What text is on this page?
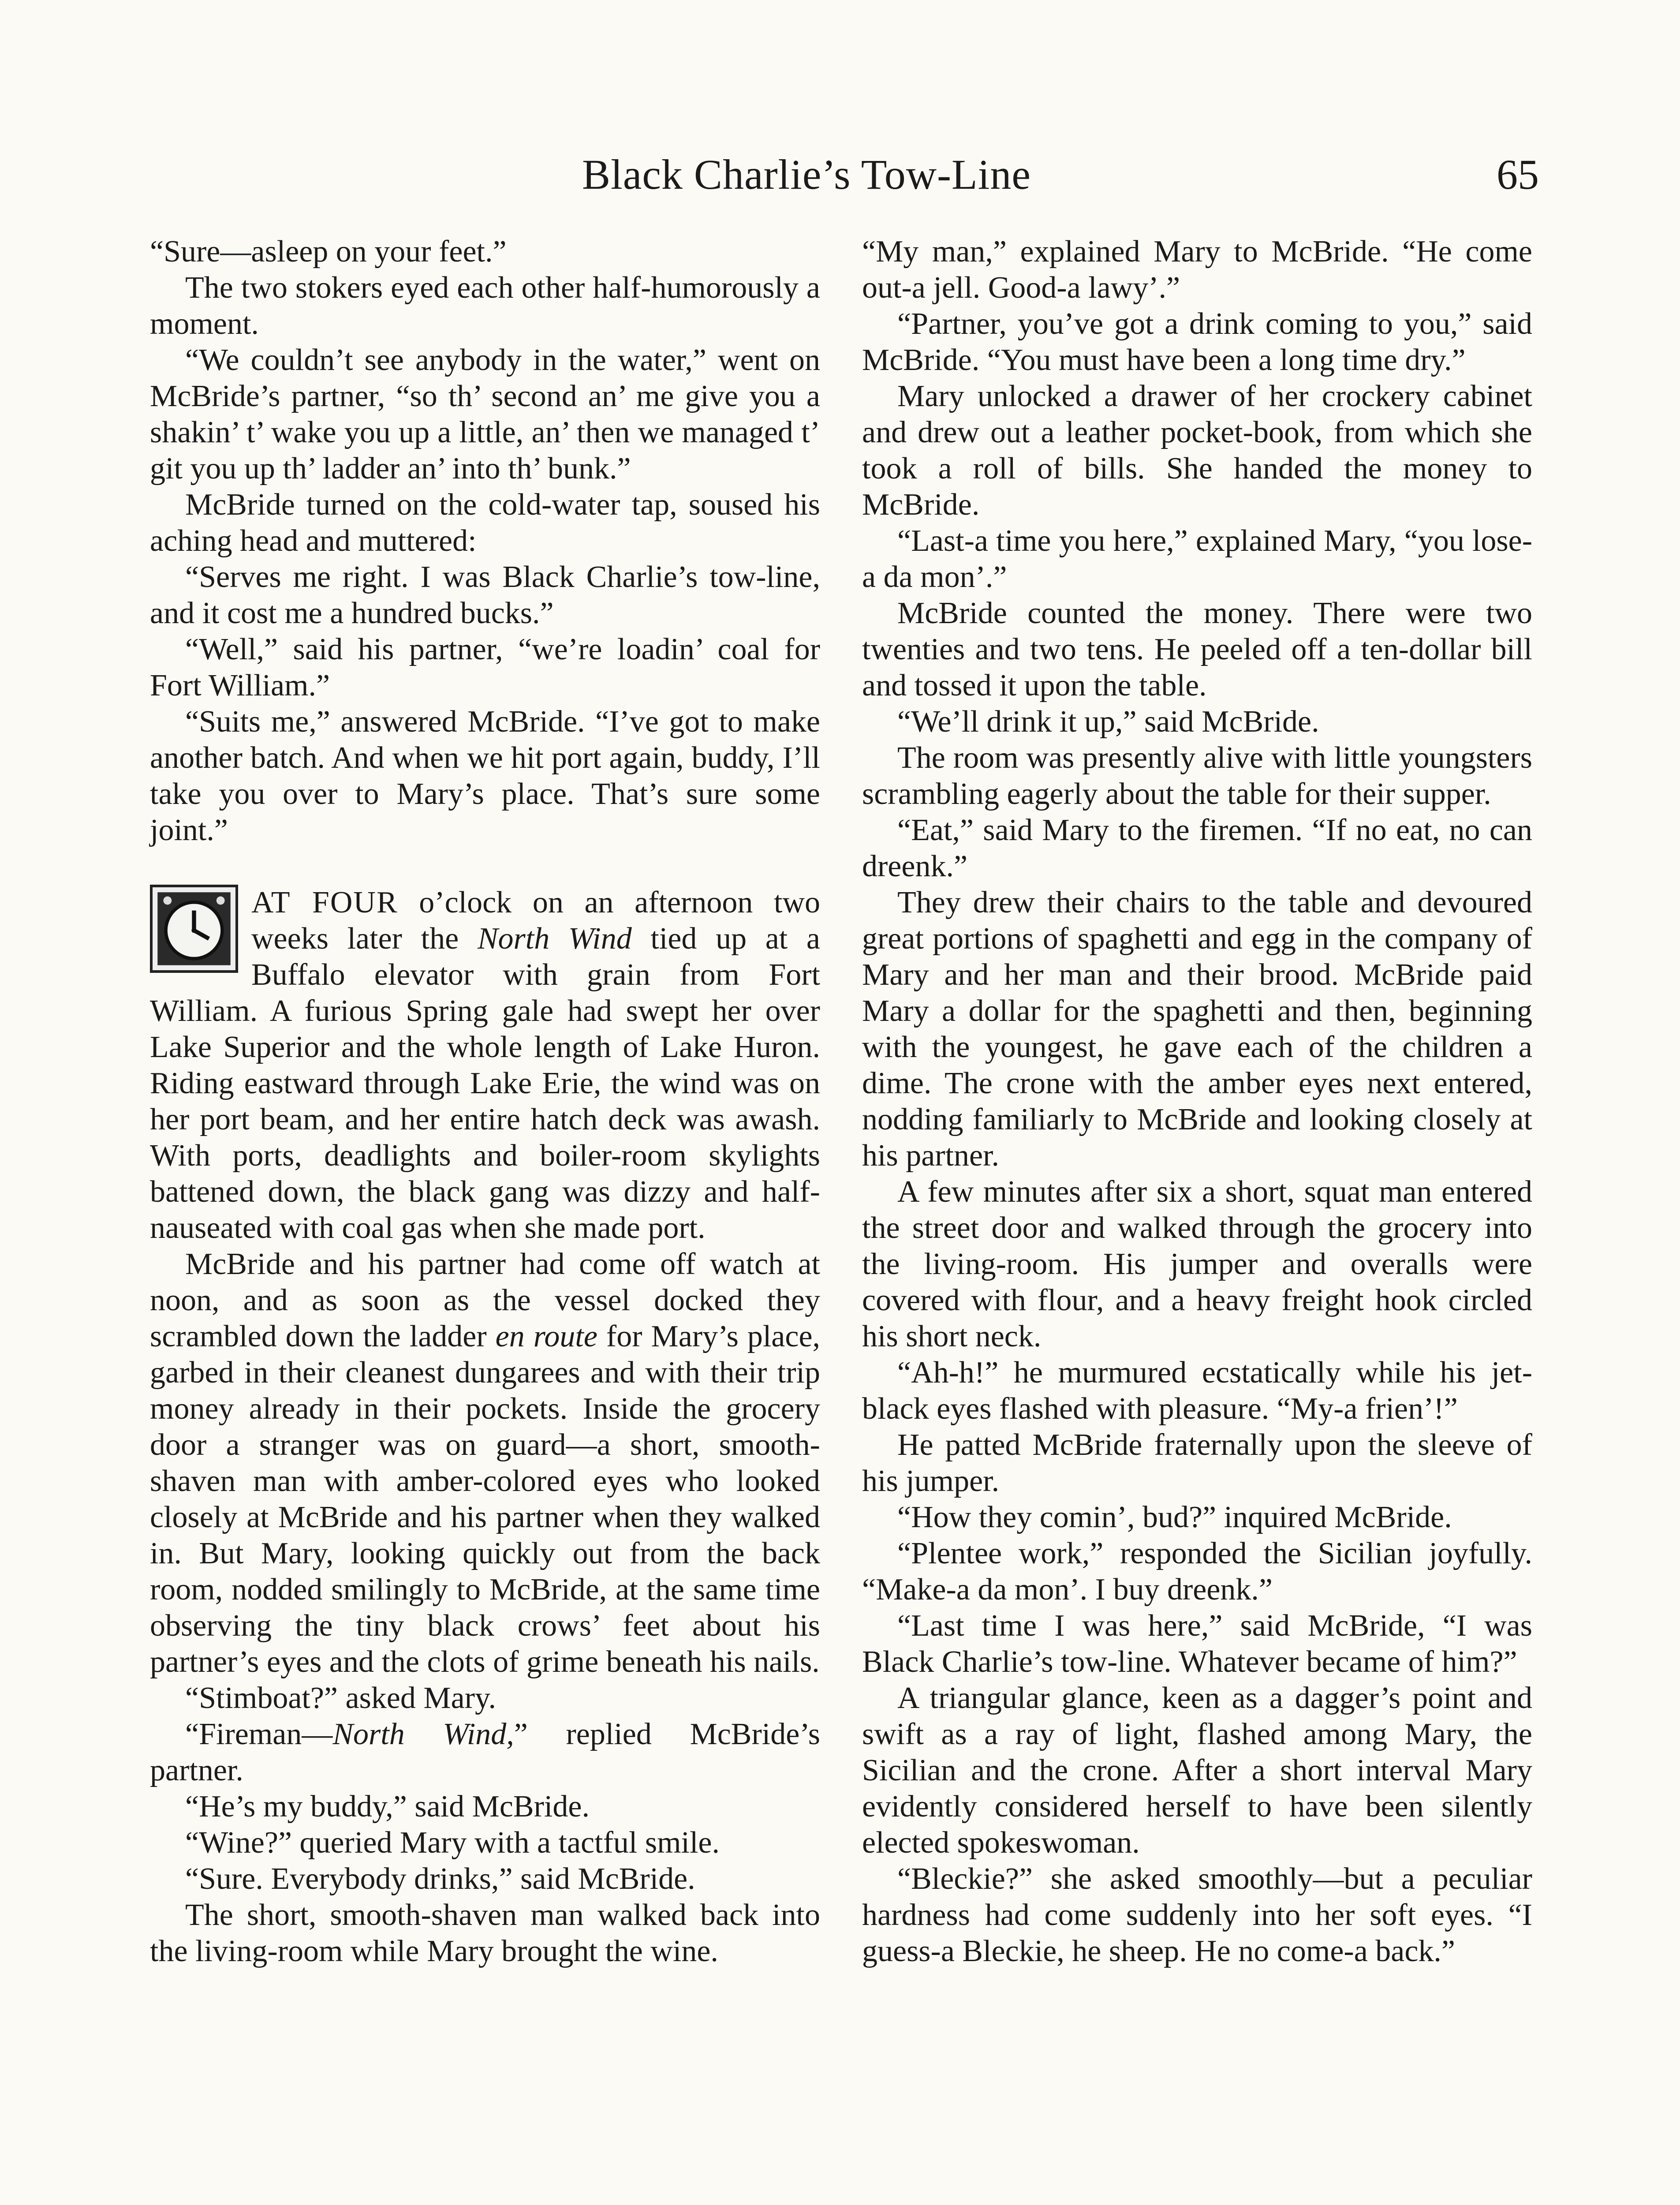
Black Charlie’s Tow-Line	65

“Sure—asleep on your feet.”

The two stokers eyed each other half-humorously a moment.

“We couldn’t see anybody in the water,” went on McBride’s partner, “so th’ second an’ me give you a shakin’ t’ wake you up a little, an’ then we managed t’ git you up th’ ladder an’ into th’ bunk.”

McBride turned on the cold-water tap, soused his aching head and muttered:

“Serves me right. I was Black Charlie’s tow-line, and it cost me a hundred bucks.”

“Well,” said his partner, “we’re loadin’ coal for Fort William.”

“Suits me,” answered McBride. “I’ve got to make another batch. And when we hit port again, buddy, I’ll take you over to Mary’s place. That’s sure some joint.”

AT FOUR o’clock on an afternoon two weeks later the North Wind tied up at a Buffalo elevator with grain from Fort William. A furious Spring gale had swept her over Lake Superior and the whole length of Lake Huron. Riding eastward through Lake Erie, the wind was on her port beam, and her entire hatch deck was awash. With ports, deadlights and boiler-room skylights battened down, the black gang was dizzy and half-nauseated with coal gas when she made port.

McBride and his partner had come off watch at noon, and as soon as the vessel docked they scrambled down the ladder en route for Mary’s place, garbed in their cleanest dungarees and with their trip money already in their pockets. Inside the grocery door a stranger was on guard—a short, smooth-shaven man with amber-colored eyes who looked closely at McBride and his partner when they walked in. But Mary, looking quickly out from the back room, nodded smilingly to McBride, at the same time observing the tiny black crows’ feet about his partner’s eyes and the clots of grime beneath his nails.

“Stimboat?” asked Mary.

“Fireman—North Wind,” replied McBride’s partner.

“He’s my buddy,” said McBride.

“Wine?” queried Mary with a tactful smile.

“Sure. Everybody drinks,” said McBride.

The short, smooth-shaven man walked back into the living-room while Mary brought the wine.

“My man,” explained Mary to McBride. “He come out-a jell. Good-a lawy’.”

“Partner, you’ve got a drink coming to you,” said McBride. “You must have been a long time dry.”

Mary unlocked a drawer of her crockery cabinet and drew out a leather pocket-book, from which she took a roll of bills. She handed the money to McBride.

“Last-a time you here,” explained Mary, “you lose-a da mon’.”

McBride counted the money. There were two twenties and two tens. He peeled off a ten-dollar bill and tossed it upon the table.

“We’ll drink it up,” said McBride.

The room was presently alive with little youngsters scrambling eagerly about the table for their supper.

“Eat,” said Mary to the firemen. “If no eat, no can dreenk.”

They drew their chairs to the table and devoured great portions of spaghetti and egg in the company of Mary and her man and their brood. McBride paid Mary a dollar for the spaghetti and then, beginning with the youngest, he gave each of the children a dime. The crone with the amber eyes next entered, nodding familiarly to McBride and looking closely at his partner.

A few minutes after six a short, squat man entered the street door and walked through the grocery into the living-room. His jumper and overalls were covered with flour, and a heavy freight hook circled his short neck.

“Ah-h!” he murmured ecstatically while his jet-black eyes flashed with pleasure. “My-a frien’!”

He patted McBride fraternally upon the sleeve of his jumper.

“How they comin’, bud?” inquired McBride.

“Plentee work,” responded the Sicilian joyfully. “Make-a da mon’. I buy dreenk.”

“Last time I was here,” said McBride, “I was Black Charlie’s tow-line. Whatever became of him?”

A triangular glance, keen as a dagger’s point and swift as a ray of light, flashed among Mary, the Sicilian and the crone. After a short interval Mary evidently considered herself to have been silently elected spokeswoman.

“Bleckie?” she asked smoothly—but a peculiar hardness had come suddenly into her soft eyes. “I guess-a Bleckie, he sheep. He no come-a back.”
